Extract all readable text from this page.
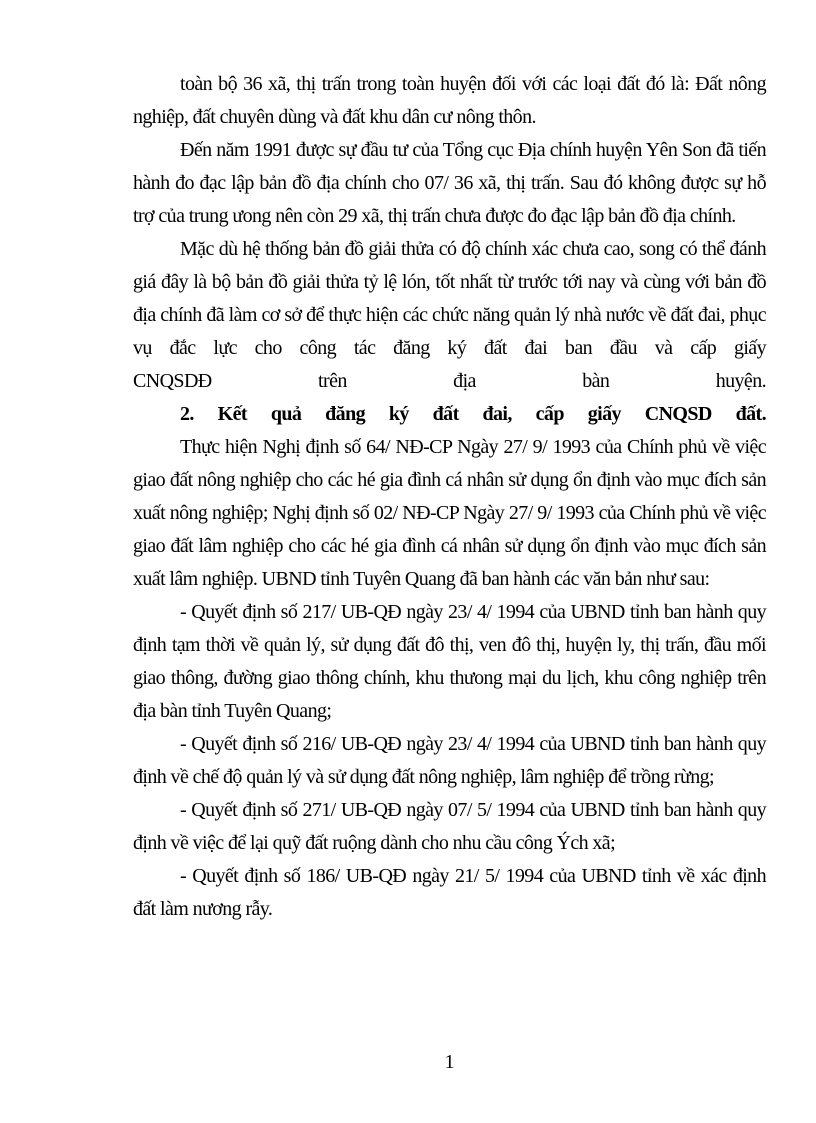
toàn bộ 36 xã, thị trấn trong toàn huyện đối với các loại đất đó là: Đất nông nghiệp, đất chuyên dùng và đất khu dân cư nông thôn.

Đến năm 1991 được sự đầu tư của Tổng cục Địa chính huyện Yên Son đã tiến hành đo đạc lập bản đồ địa chính cho 07/ 36 xã, thị trấn. Sau đó không được sự hỗ trợ của trung ưong nên còn 29 xã, thị trấn chưa được đo đạc lập bản đồ địa chính.

Mặc dù hệ thống bản đồ giải thửa có độ chính xác chưa cao, song có thể đánh giá đây là bộ bản đồ giải thửa tỷ lệ lón, tốt nhất từ trước tới nay và cùng với bản đồ địa chính đã làm cơ sở để thực hiện các chức năng quản lý nhà nước về đất đai, phục vụ đắc lực cho công tác đăng ký đất đai ban đầu và cấp giấy
CNQSDĐ trên địa bàn huyện.

2. Kết quả đăng ký đất đai, cấp giấy CNQSD đất.

Thực hiện Nghị định số 64/ NĐ-CP Ngày 27/ 9/ 1993 của Chính phủ về việc giao đất nông nghiệp cho các hé gia đình cá nhân sử dụng ổn định vào mục đích sản xuất nông nghiệp; Nghị định số 02/ NĐ-CP Ngày 27/ 9/ 1993 của Chính phủ về việc giao đất lâm nghiệp cho các hé gia đình cá nhân sử dụng ổn định vào mục đích sản xuất lâm nghiệp. UBND tỉnh Tuyên Quang đã ban hành các văn bản như sau:

- Quyết định số 217/ UB-QĐ ngày 23/ 4/ 1994 của UBND tỉnh ban hành quy định tạm thời về quản lý, sử dụng đất đô thị, ven đô thị, huyện ly, thị trấn, đầu mối giao thông, đường giao thông chính, khu thưong mại du lịch, khu công nghiệp trên địa bàn tỉnh Tuyên Quang;

- Quyết định số 216/ UB-QĐ ngày 23/ 4/ 1994 của UBND tỉnh ban hành quy định về chế độ quản lý và sử dụng đất nông nghiệp, lâm nghiệp để trồng rừng;

- Quyết định số 271/ UB-QĐ ngày 07/ 5/ 1994 của UBND tỉnh ban hành quy định về việc để lại quỹ đất ruộng dành cho nhu cầu công Ých xã;

- Quyết định số 186/ UB-QĐ ngày 21/ 5/ 1994 của UBND tỉnh về xác định đất làm nương rẫy.

1
